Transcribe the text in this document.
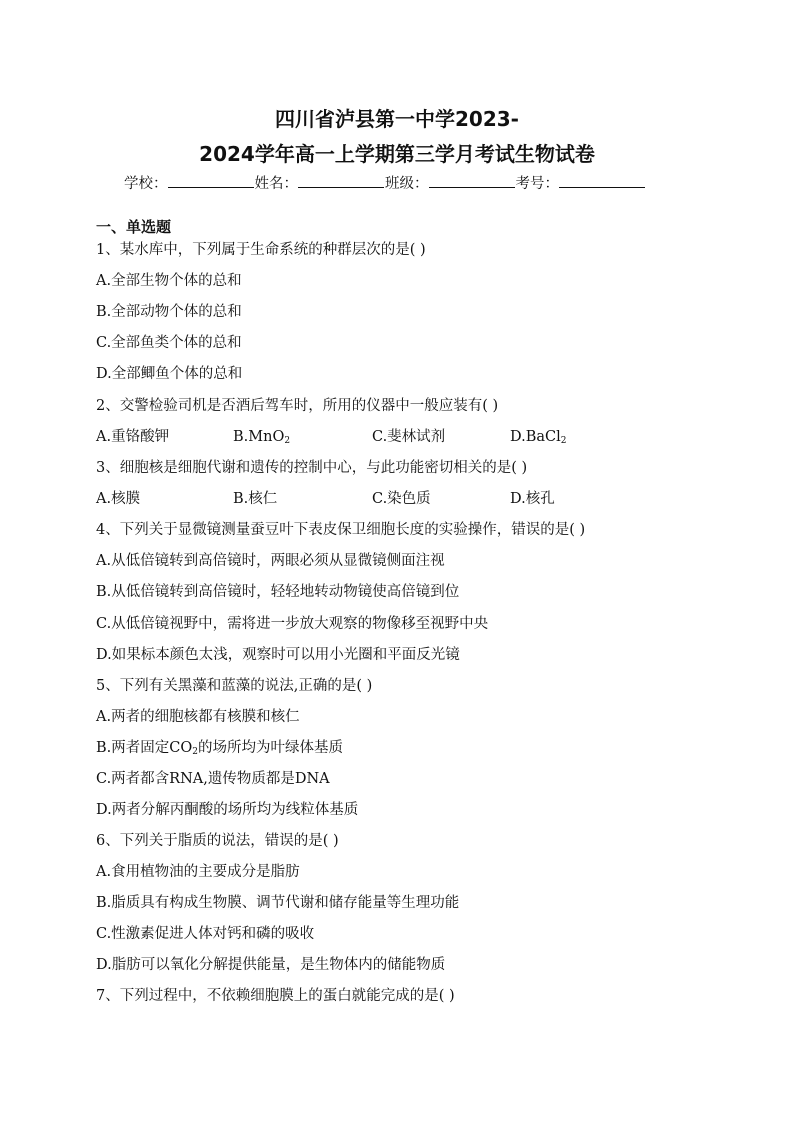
四川省泸县第一中学2023-
2024学年高一上学期第三学月考试生物试卷
学校：	姓名：	班级：	考号：
一、单选题
1、某水库中，下列属于生命系统的种群层次的是( )
A.全部生物个体的总和
B.全部动物个体的总和
C.全部鱼类个体的总和
D.全部鲫鱼个体的总和
2、交警检验司机是否酒后驾车时，所用的仪器中一般应装有( )
A.重铬酸钾	B.MnO$_2$	C.斐林试剂	D.BaCl$_2$
3、细胞核是细胞代谢和遗传的控制中心，与此功能密切相关的是( )
A.核膜	B.核仁	C.染色质	D.核孔
4、下列关于显微镜测量蚕豆叶下表皮保卫细胞长度的实验操作，错误的是( )
A.从低倍镜转到高倍镜时，两眼必须从显微镜侧面注视
B.从低倍镜转到高倍镜时，轻轻地转动物镜使高倍镜到位
C.从低倍镜视野中，需将进一步放大观察的物像移至视野中央
D.如果标本颜色太浅，观察时可以用小光圈和平面反光镜
5、下列有关黑藻和蓝藻的说法,正确的是( )
A.两者的细胞核都有核膜和核仁
B.两者固定$CO_2$的场所均为叶绿体基质
C.两者都含RNA,遗传物质都是DNA
D.两者分解丙酮酸的场所均为线粒体基质
6、下列关于脂质的说法，错误的是( )
A.食用植物油的主要成分是脂肪
B.脂质具有构成生物膜、调节代谢和储存能量等生理功能
C.性激素促进人体对钙和磷的吸收
D.脂肪可以氧化分解提供能量，是生物体内的储能物质
7、下列过程中，不依赖细胞膜上的蛋白就能完成的是( )
